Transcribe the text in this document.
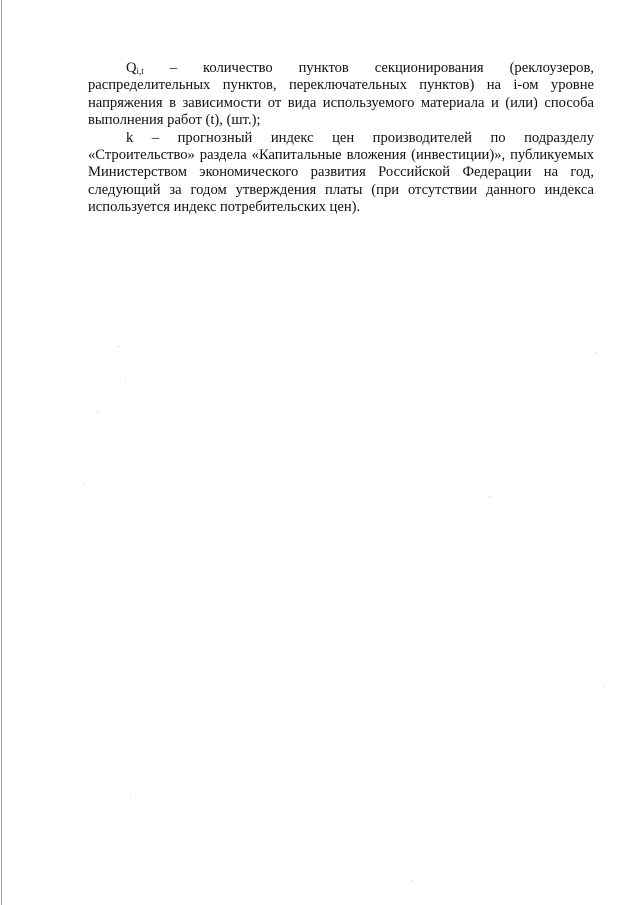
$Q_{i,t}$ – количество пунктов секционирования (реклоузеров, распределительных пунктов, переключательных пунктов) на i-ом уровне напряжения в зависимости от вида используемого материала и (или) способа выполнения работ (t), (шт.);

k – прогнозный индекс цен производителей по подразделу «Строительство» раздела «Капитальные вложения (инвестиции)», публикуемых Министерством экономического развития Российской Федерации на год, следующий за годом утверждения платы (при отсутствии данного индекса используется индекс потребительских цен).
